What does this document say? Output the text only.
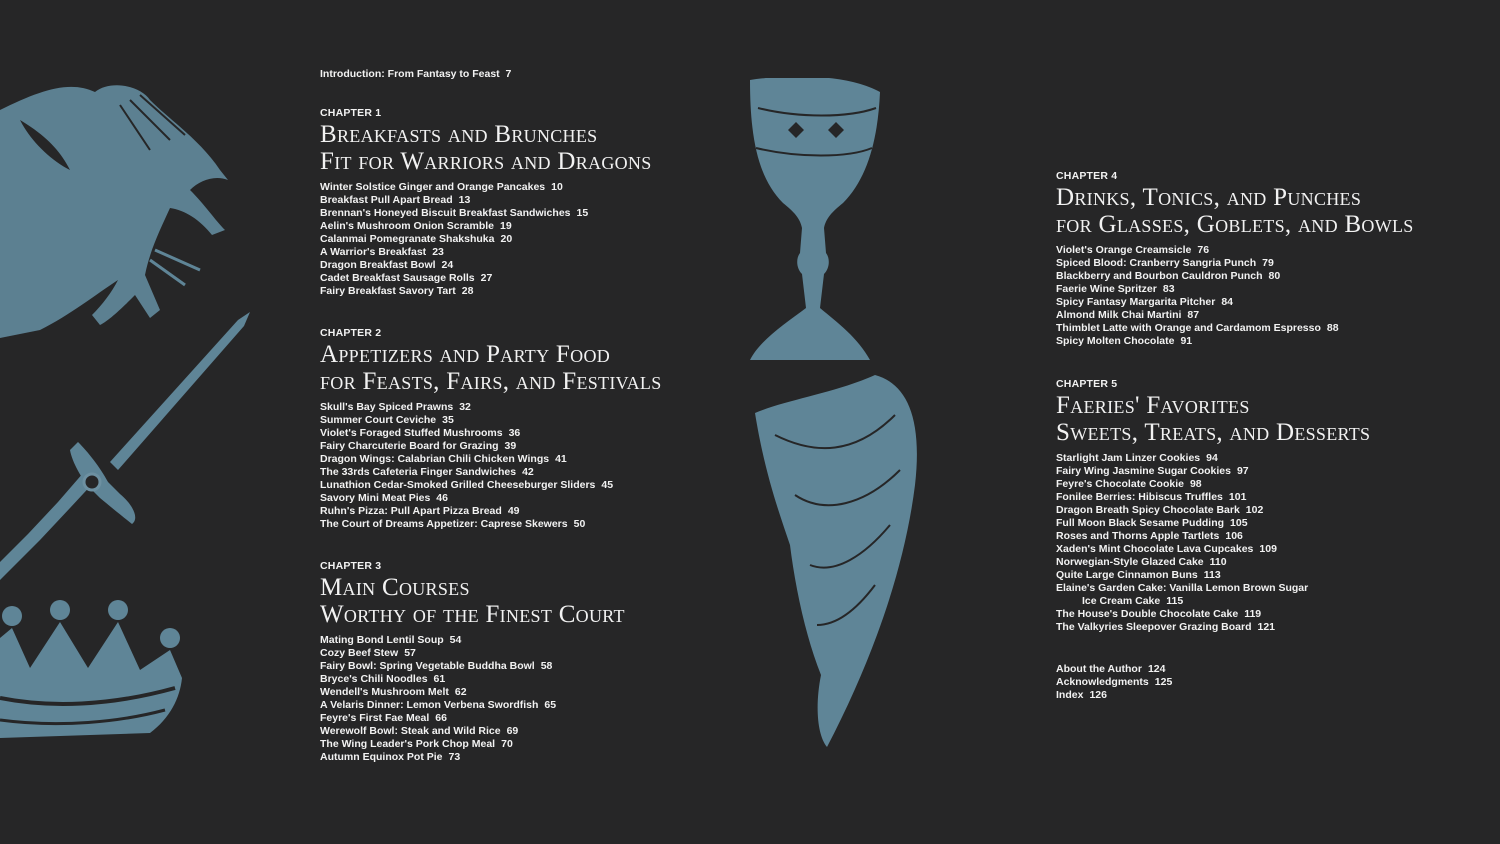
Introduction: From Fantasy to Feast 7
CHAPTER 1
Breakfasts and Brunches
Fit for Warriors and Dragons
Winter Solstice Ginger and Orange Pancakes 10
Breakfast Pull Apart Bread 13
Brennan's Honeyed Biscuit Breakfast Sandwiches 15
Aelin's Mushroom Onion Scramble 19
Calanmai Pomegranate Shakshuka 20
A Warrior's Breakfast 23
Dragon Breakfast Bowl 24
Cadet Breakfast Sausage Rolls 27
Fairy Breakfast Savory Tart 28
CHAPTER 2
Appetizers and Party Food
for Feasts, Fairs, and Festivals
Skull's Bay Spiced Prawns 32
Summer Court Ceviche 35
Violet's Foraged Stuffed Mushrooms 36
Fairy Charcuterie Board for Grazing 39
Dragon Wings: Calabrian Chili Chicken Wings 41
The 33rds Cafeteria Finger Sandwiches 42
Lunathion Cedar-Smoked Grilled Cheeseburger Sliders 45
Savory Mini Meat Pies 46
Ruhn's Pizza: Pull Apart Pizza Bread 49
The Court of Dreams Appetizer: Caprese Skewers 50
CHAPTER 3
Main Courses
Worthy of the Finest Court
Mating Bond Lentil Soup 54
Cozy Beef Stew 57
Fairy Bowl: Spring Vegetable Buddha Bowl 58
Bryce's Chili Noodles 61
Wendell's Mushroom Melt 62
A Velaris Dinner: Lemon Verbena Swordfish 65
Feyre's First Fae Meal 66
Werewolf Bowl: Steak and Wild Rice 69
The Wing Leader's Pork Chop Meal 70
Autumn Equinox Pot Pie 73
CHAPTER 4
Drinks, Tonics, and Punches
for Glasses, Goblets, and Bowls
Violet's Orange Creamsicle 76
Spiced Blood: Cranberry Sangria Punch 79
Blackberry and Bourbon Cauldron Punch 80
Faerie Wine Spritzer 83
Spicy Fantasy Margarita Pitcher 84
Almond Milk Chai Martini 87
Thimblet Latte with Orange and Cardamom Espresso 88
Spicy Molten Chocolate 91
CHAPTER 5
Faeries' Favorites
Sweets, Treats, and Desserts
Starlight Jam Linzer Cookies 94
Fairy Wing Jasmine Sugar Cookies 97
Feyre's Chocolate Cookie 98
Fonilee Berries: Hibiscus Truffles 101
Dragon Breath Spicy Chocolate Bark 102
Full Moon Black Sesame Pudding 105
Roses and Thorns Apple Tartlets 106
Xaden's Mint Chocolate Lava Cupcakes 109
Norwegian-Style Glazed Cake 110
Quite Large Cinnamon Buns 113
Elaine's Garden Cake: Vanilla Lemon Brown Sugar
Ice Cream Cake 115
The House's Double Chocolate Cake 119
The Valkyries Sleepover Grazing Board 121
About the Author 124
Acknowledgments 125
Index 126
